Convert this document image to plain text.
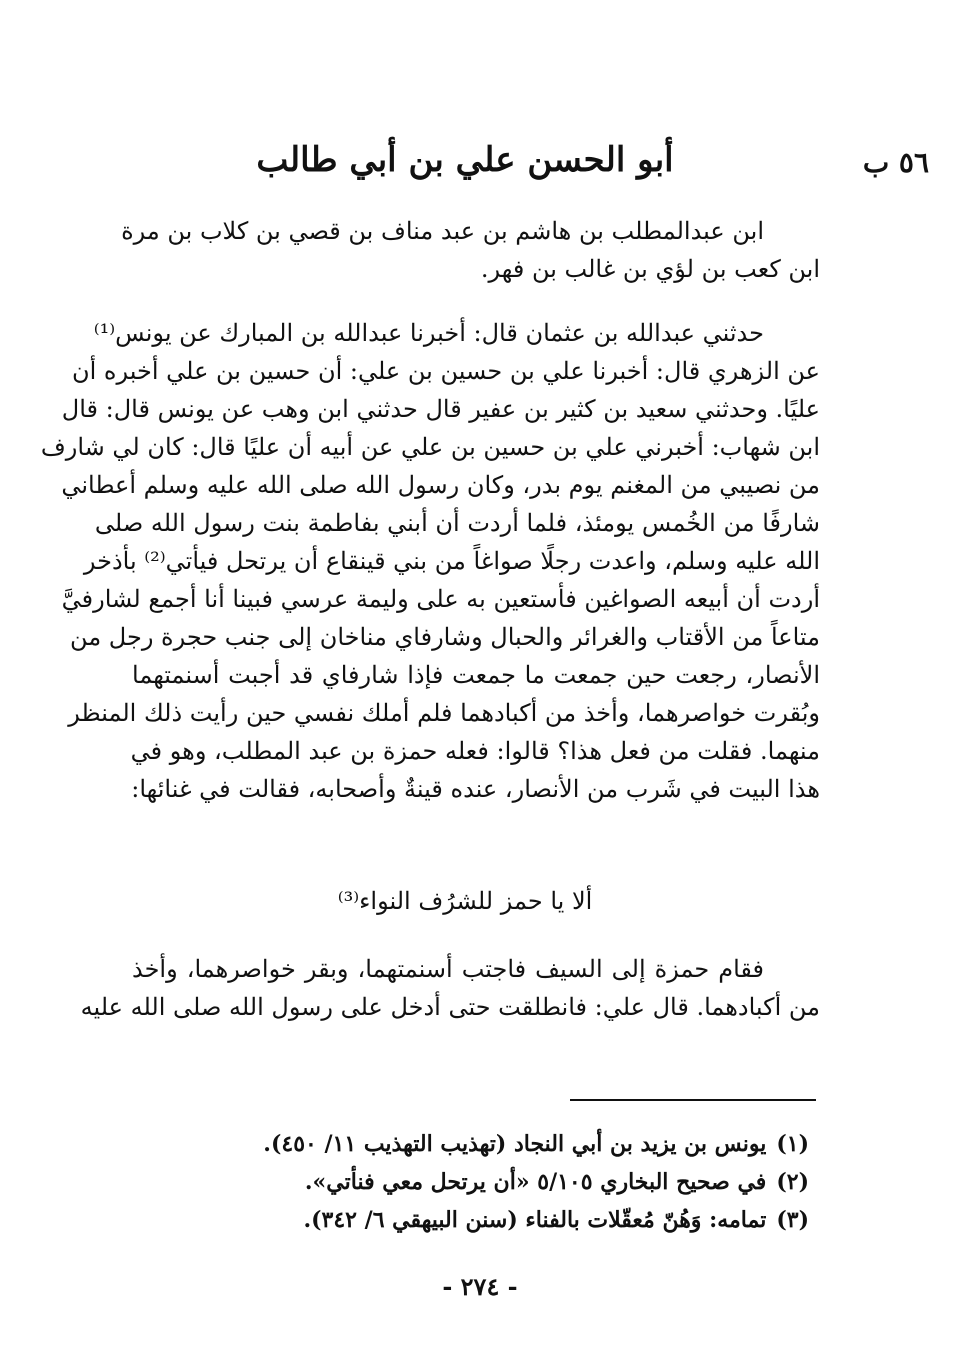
٥٦ ب
أبو الحسن علي بن أبي طالب
ابن عبدالمطلب بن هاشم بن عبد مناف بن قصي بن كلاب بن مرة
ابن كعب بن لؤي بن غالب بن فهر.
حدثني عبدالله بن عثمان قال: أخبرنا عبدالله بن المبارك عن يونس⁽¹⁾
عن الزهري قال: أخبرنا علي بن حسين بن علي: أن حسين بن علي أخبره أن
عليًا. وحدثني سعيد بن كثير بن عفير قال حدثني ابن وهب عن يونس قال: قال
ابن شهاب: أخبرني علي بن حسين بن علي عن أبيه أن عليًا قال: كان لي شارف
من نصيبي من المغنم يوم بدر، وكان رسول الله صلى الله عليه وسلم أعطاني
شارفًا من الخُمس يومئذ، فلما أردت أن أبني بفاطمة بنت رسول الله صلى
الله عليه وسلم، واعدت رجلًا صواغاً من بني قينقاع أن يرتحل فيأتي⁽²⁾ بأذخر
أردت أن أبيعه الصواغين فأستعين به على وليمة عرسي فبينا أنا أجمع لشارفيَّ
متاعاً من الأقتاب والغرائر والحبال وشارفاي مناخان إلى جنب حجرة رجل من
الأنصار، رجعت حين جمعت ما جمعت فإذا شارفاي قد أجبت أسنمتهما
وبُقرت خواصرهما، وأخذ من أكبادهما فلم أملك نفسي حين رأيت ذلك المنظر
منهما. فقلت من فعل هذا؟ قالوا: فعله حمزة بن عبد المطلب، وهو في
هذا البيت في شَرب من الأنصار، عنده قينةٌ وأصحابه، فقالت في غنائها:
ألا يا حمز للشرُف النواء⁽³⁾
فقام حمزة إلى السيف فاجتب أسنمتهما، وبقر خواصرهما، وأخذ
من أكبادهما. قال علي: فانطلقت حتى أدخل على رسول الله صلى الله عليه
(١)يونس بن يزيد بن أبي النجاد (تهذيب التهذيب ١١/ ٤٥٠).
(٢)في صحيح البخاري ٥/١٠٥ «أن يرتحل معي فنأتي».
(٣)تمامه: وَهُنّ مُعقّلات بالفناء (سنن البيهقي ٦/ ٣٤٢).
- ٢٧٤ -
